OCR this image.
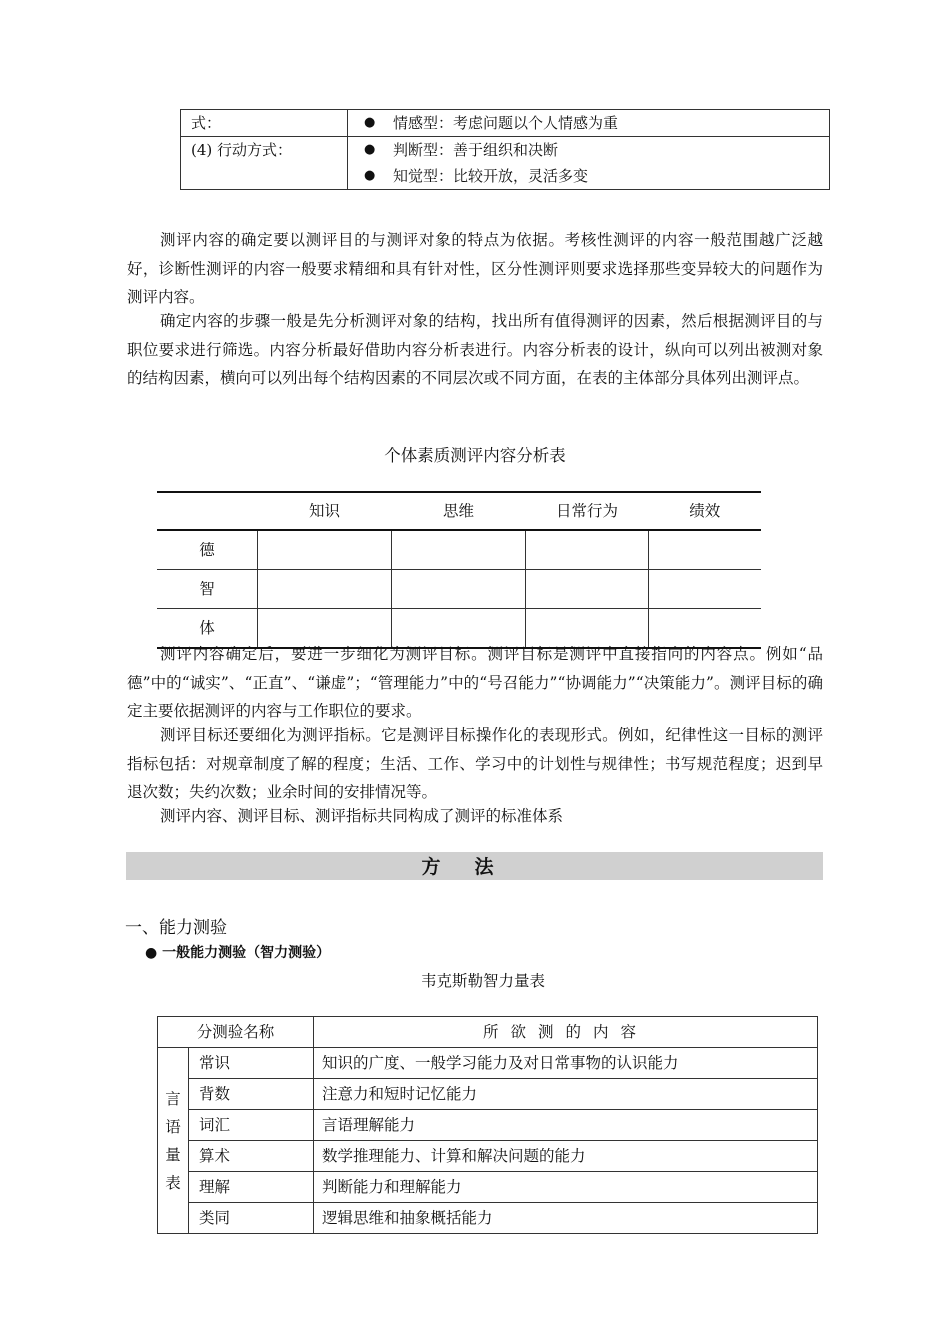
式：	● 情感型：考虑问题以个人情感为重

(4) 行动方式：	● 判断型：善于组织和决断
● 知觉型：比较开放，灵活多变

测评内容的确定要以测评目的与测评对象的特点为依据。考核性测评的内容一般范围越广泛越好，诊断性测评的内容一般要求精细和具有针对性，区分性测评则要求选择那些变异较大的问题作为测评内容。

确定内容的步骤一般是先分析测评对象的结构，找出所有值得测评的因素，然后根据测评目的与职位要求进行筛选。内容分析最好借助内容分析表进行。内容分析表的设计，纵向可以列出被测对象的结构因素，横向可以列出每个结构因素的不同层次或不同方面，在表的主体部分具体列出测评点。

个体素质测评内容分析表
	知识	思维	日常行为	绩效
德				
智				
体				

测评内容确定后，要进一步细化为测评目标。测评目标是测评中直接指向的内容点。例如“品德”中的“诚实”、“正直”、“谦虚”；“管理能力”中的“号召能力”“协调能力”“决策能力”。测评目标的确定主要依据测评的内容与工作职位的要求。

测评目标还要细化为测评指标。它是测评目标操作化的表现形式。例如，纪律性这一目标的测评指标包括：对规章制度了解的程度；生活、工作、学习中的计划性与规律性；书写规范程度；迟到早退次数；失约次数；业余时间的安排情况等。

测评内容、测评目标、测评指标共同构成了测评的标准体系

方法
一、能力测验
● 一般能力测验（智力测验）
韦克斯勒智力量表
分测验名称		所欲测的内容

言语量表	常识	知识的广度、一般学习能力及对日常事物的认识能力
	背数	注意力和短时记忆能力
	词汇	言语理解能力
	算术	数学推理能力、计算和解决问题的能力
	理解	判断能力和理解能力
	类同	逻辑思维和抽象概括能力
